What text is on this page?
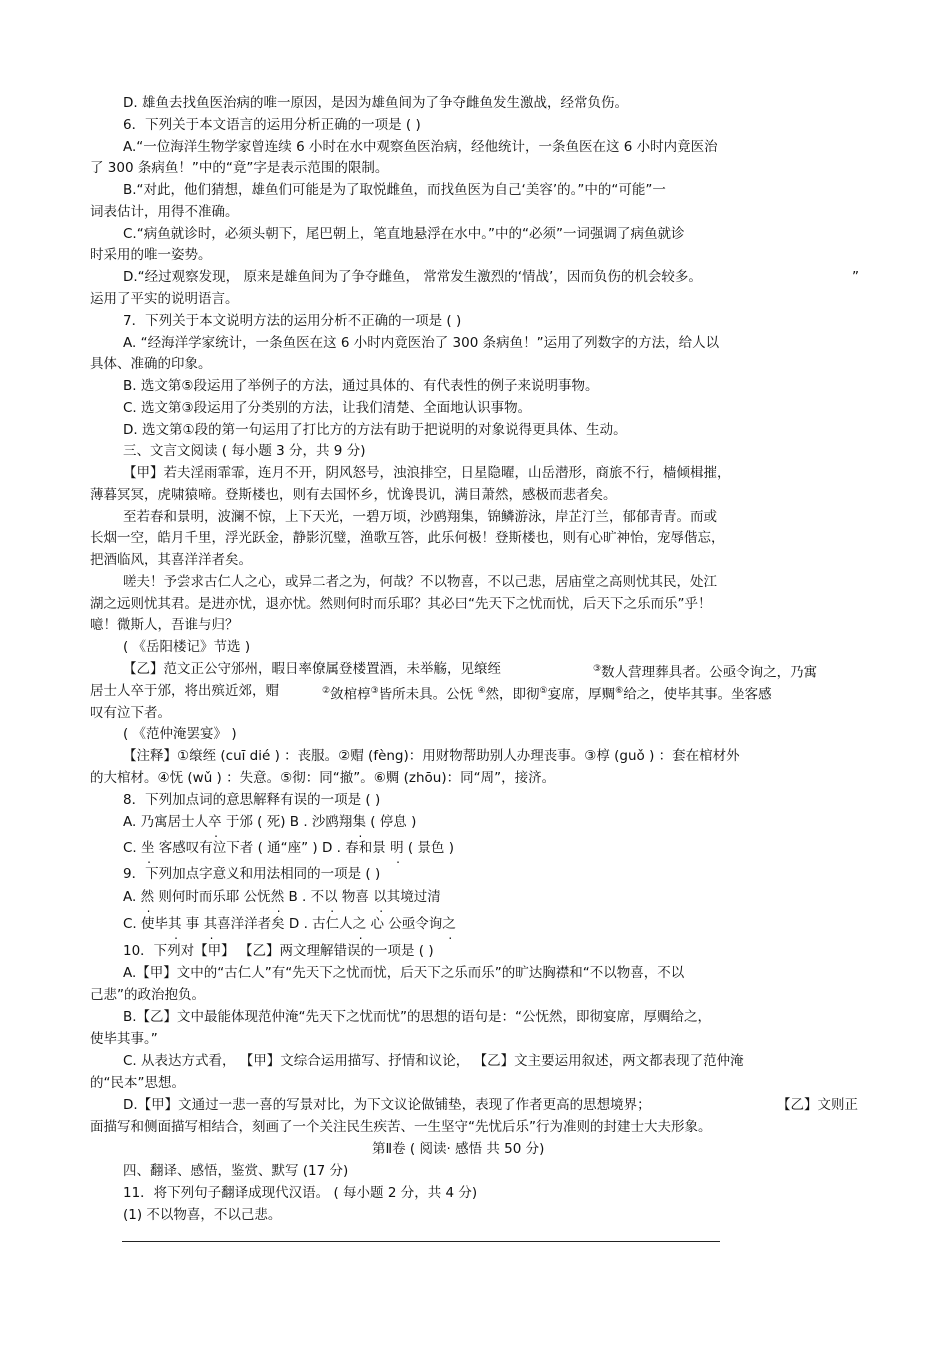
D. 雄鱼去找鱼医治病的唯一原因，是因为雄鱼间为了争夺雌鱼发生激战，经常负伤。
6．下列关于本文语言的运用分析正确的一项是 ( )
A.“一位海洋生物学家曾连续 6 小时在水中观察鱼医治病，经他统计，一条鱼医在这 6 小时内竟医治
了 300 条病鱼！”中的“竟”字是表示范围的限制。
B.“对此，他们猜想，雄鱼们可能是为了取悦雌鱼，而找鱼医为自己‘美容’的。”中的“可能”一
词表估计，用得不准确。
C.“病鱼就诊时，必须头朝下，尾巴朝上，笔直地悬浮在水中。”中的“必须”一词强调了病鱼就诊
时采用的唯一姿势。
D.“经过观察发现， 原来是雄鱼间为了争夺雌鱼， 常常发生激烈的‘情战’，因而负伤的机会较多。	”
运用了平实的说明语言。
7．下列关于本文说明方法的运用分析不正确的一项是 ( )
A. “经海洋学家统计，一条鱼医在这 6 小时内竟医治了 300 条病鱼！”运用了列数字的方法，给人以
具体、准确的印象。
B. 选文第⑤段运用了举例子的方法，通过具体的、有代表性的例子来说明事物。
C. 选文第③段运用了分类别的方法，让我们清楚、全面地认识事物。
D. 选文第①段的第一句运用了打比方的方法有助于把说明的对象说得更具体、生动。
三、文言文阅读 ( 每小题 3 分，共 9 分)
【甲】若夫淫雨霏霏，连月不开，阴风怒号，浊浪排空，日星隐曜，山岳潜形，商旅不行，樯倾楫摧，
薄暮冥冥，虎啸猿啼。登斯楼也，则有去国怀乡，忧谗畏讥，满目萧然，感极而悲者矣。
至若春和景明，波澜不惊，上下天光，一碧万顷，沙鸥翔集，锦鳞游泳，岸芷汀兰，郁郁青青。而或
长烟一空，皓月千里，浮光跃金，静影沉璧，渔歌互答，此乐何极！登斯楼也，则有心旷神怡，宠辱偕忘，
把酒临风，其喜洋洋者矣。
嗟夫！予尝求古仁人之心，或异二者之为，何哉？不以物喜，不以己悲，居庙堂之高则忧其民，处江
湖之远则忧其君。是进亦忧，退亦忧。然则何时而乐耶？其必曰“先天下之忧而忧，后天下之乐而乐”乎！
噫！微斯人，吾谁与归？
( 《岳阳楼记》节选 )
【乙】范文正公守邠州，暇日率僚属登楼置酒，未举觞，见缞绖	③数人营理葬具者。公亟令询之，乃寓
居士人卒于邠，将出殡近郊，赗	②敛棺椁③皆所未具。公怃 ④然，即彻⑤宴席，厚赒⑥给之，使毕其事。坐客感
叹有泣下者。
( 《范仲淹罢宴》 )
【注释】①缞绖 (cuī dié ) ：丧服。②赗 (fèng)：用财物帮助别人办理丧事。③椁 (guǒ ) ：套在棺材外
的大棺材。④怃 (wǔ ) ：失意。⑤彻：同“撤”。⑥赒 (zhōu)：同“周”，接济。
8．下列加点词的意思解释有误的一项是 ( )
A. 乃寓居士人卒 于邠 ( 死) B . 沙鸥翔集 ( 停息 )
C. 坐 客感叹有泣下者 ( 通“座” ) D . 春和景 明 ( 景色 )
9．下列加点字意义和用法相同的一项是 ( )
A. 然 则何时而乐耶 公怃然 B . 不以 物喜 以其境过清
C. 使毕其 事 其喜洋洋者矣 D . 古仁人之 心 公亟令询之
10．下列对【甲】 【乙】两文理解错误的一项是 ( )
A.【甲】文中的“古仁人”有“先天下之忧而忧，后天下之乐而乐”的旷达胸襟和“不以物喜，不以
己悲”的政治抱负。
B.【乙】文中最能体现范仲淹“先天下之忧而忧”的思想的语句是：“公怃然，即彻宴席，厚赒给之，
使毕其事。”
C. 从表达方式看， 【甲】文综合运用描写、抒情和议论， 【乙】文主要运用叙述，两文都表现了范仲淹
的“民本”思想。
D.【甲】文通过一悲一喜的写景对比，为下文议论做铺垫，表现了作者更高的思想境界；	【乙】文则正
面描写和侧面描写相结合，刻画了一个关注民生疾苦、一生坚守“先忧后乐”行为准则的封建士大夫形象。
第Ⅱ卷 ( 阅读· 感悟 共 50 分)
四、翻译、感悟，鉴赏、默写 (17 分)
11．将下列句子翻译成现代汉语。 ( 每小题 2 分，共 4 分)
(1) 不以物喜，不以己悲。
